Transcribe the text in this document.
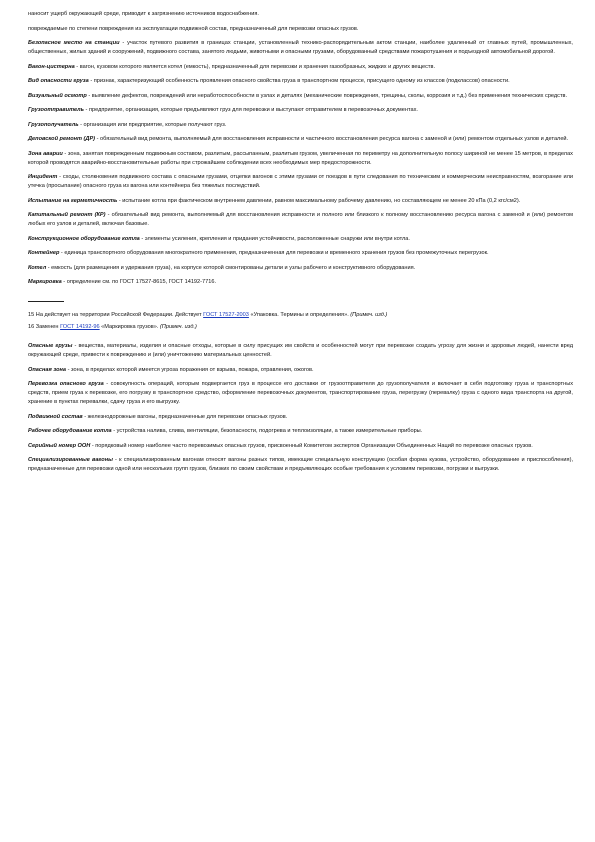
наносит ущерб окружающей среде, приводит к загрязнению источников водоснабжения.

повреждаемые по степени повреждения из эксплуатации подвижной состав, предназначенный для перевозки опасных грузов.

Безопасное место на станции - участок путевого развития в границах станции, установленный технико-распорядительным актом станции, наиболее удаленный от главных путей, промышленных, общественных, жилых зданий и сооружений, подвижного состава, занятого людьми, животными и опасными грузами, оборудованный средствами пожаротушения и подъездной автомобильной дорогой.

Вагон-цистерна - вагон, кузовом которого является котел (емкость), предназначенный для перевозки и хранения газообразных, жидких и других веществ.

Вид опасности груза - признак, характеризующий особенность проявления опасного свойства груза в транспортном процессе, присущего одному из классов (подклассов) опасности.

Визуальный осмотр - выявление дефектов, повреждений или неработоспособности в узлах и деталях (механические повреждения, трещины, сколы, коррозия и т.д.) без применения технических средств.

Грузоотправитель - предприятие, организация, которые предъявляют груз для перевозки и выступают отправителем в перевозочных документах.

Грузополучатель - организация или предприятие, которые получают груз.

Деповской ремонт (ДР) - обязательный вид ремонта, выполняемый для восстановления исправности и частичного восстановления ресурса вагона с заменой и (или) ремонтом отдельных узлов и деталей.

Зона аварии - зона, занятая поврежденным подвижным составом, разлитым, рассыпанным, разлитым грузом, увеличенная по периметру на дополнительную полосу шириной не менее 15 метров, в пределах которой проводятся аварийно-восстановительные работы при строжайшем соблюдении всех необходимых мер предосторожности.

Инцидент - сходы, столкновения подвижного состава с опасными грузами, отцепки вагонов с этими грузами от поездов в пути следования по техническим и коммерческим неисправностям, возгорание или утечка (просыпание) опасного груза из вагона или контейнера без тяжелых последствий.

Испытание на герметичность - испытание котла при фактическом внутреннем давлении, равном максимальному рабочему давлению, но составляющем не менее 20 кПа (0,2 кгс/см2).

Капитальный ремонт (КР) - обязательный вид ремонта, выполняемый для восстановления исправности и полного или близкого к полному восстановлению ресурса вагона с заменой и (или) ремонтом любых его узлов и деталей, включая базовые.

Конструкционное оборудование котла - элементы усиления, крепления и придания устойчивости, расположенные снаружи или внутри котла.

Контейнер - единица транспортного оборудования многократного применения, предназначенная для перевозки и временного хранения грузов без промежуточных перегрузок.

Котел - емкость (для размещения и удержания груза), на корпусе которой смонтированы детали и узлы рабочего и конструктивного оборудования.

Маркировка - определение см. по ГОСТ 17527-8615, ГОСТ 14192-7716.

15 На действует на территории Российской Федерации. Действует ГОСТ 17527-2003 «Упаковка. Термины и определения». (Примеч. изд.)

16 Заменен ГОСТ 14192-96 «Маркировка грузов». (Примеч. изд.)

Опасные грузы - вещества, материалы, изделия и опасные отходы, которые в силу присущих им свойств и особенностей могут при перевозке создать угрозу для жизни и здоровья людей, нанести вред окружающей среде, привести к повреждению и (или) уничтожению материальных ценностей.

Опасная зона - зона, в пределах которой имеется угроза поражения от взрыва, пожара, отравления, ожогов.

Перевозка опасного груза - совокупность операций, которым подвергается груз в процессе его доставки от грузоотправителя до грузополучателя и включает в себя подготовку груза и транспортных средств, прием груза к перевозке, его погрузку в транспортное средство, оформление перевозочных документов, транспортирование груза, перегрузку (перевалку) груза с одного вида транспорта на другой, хранение в пунктах перевалки, сдачу груза и его выгрузку.

Подвижной состав - железнодорожные вагоны, предназначенные для перевозки опасных грузов.

Рабочее оборудование котла - устройства налива, слива, вентиляции, безопасности, подогрева и теплоизоляции, а также измерительные приборы.

Серийный номер ООН - порядковый номер наиболее часто перевозимых опасных грузов, присвоенный Комитетом экспертов Организации Объединенных Наций по перевозке опасных грузов.

Специализированные вагоны - к специализированным вагонам относят вагоны разных типов, имеющие специальную конструкцию (особая форма кузова, устройство, оборудование и приспособления), предназначенные для перевозки одной или нескольких групп грузов, близких по своим свойствам и предъявляющих особые требования к условиям перевозки, погрузки и выгрузки.
